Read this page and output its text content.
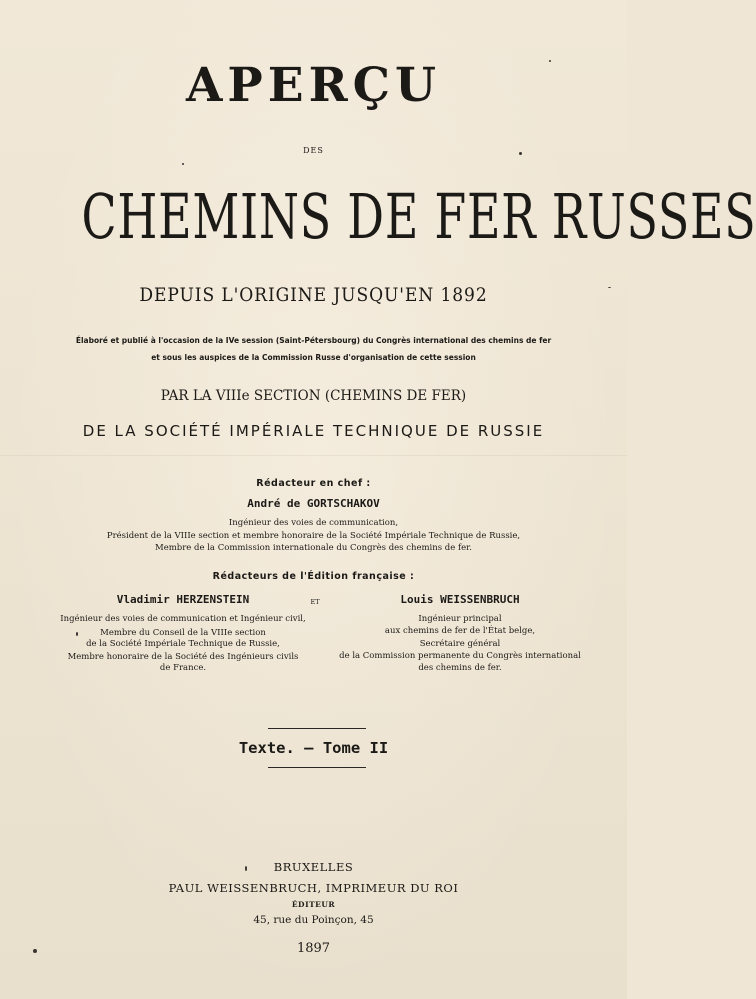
APERÇU
DES
CHEMINS DE FER RUSSES
DEPUIS L'ORIGINE JUSQU'EN 1892
Élaboré et publié à l'occasion de la IVe session (Saint-Pétersbourg) du Congrès international des chemins de fer
et sous les auspices de la Commission Russe d'organisation de cette session
PAR LA VIIIe SECTION (CHEMINS DE FER)
DE LA SOCIÉTÉ IMPÉRIALE TECHNIQUE DE RUSSIE
Rédacteur en chef :
André de GORTSCHAKOV
Ingénieur des voies de communication,
Président de la VIIIe section et membre honoraire de la Société Impériale Technique de Russie,
Membre de la Commission internationale du Congrès des chemins de fer.
Rédacteurs de l'Édition française :
Vladimir HERZENSTEIN	ET	Louis WEISSENBRUCH
Ingénieur des voies de communication et Ingénieur civil,
Membre du Conseil de la VIIIe section
de la Société Impériale Technique de Russie,
Membre honoraire de la Société des Ingénieurs civils
de France.
Ingénieur principal
aux chemins de fer de l'État belge,
Secrétaire général
de la Commission permanente du Congrès international
des chemins de fer.
Texte. — Tome II
BRUXELLES
PAUL WEISSENBRUCH, IMPRIMEUR DU ROI
ÉDITEUR
45, rue du Poinçon, 45
1897
